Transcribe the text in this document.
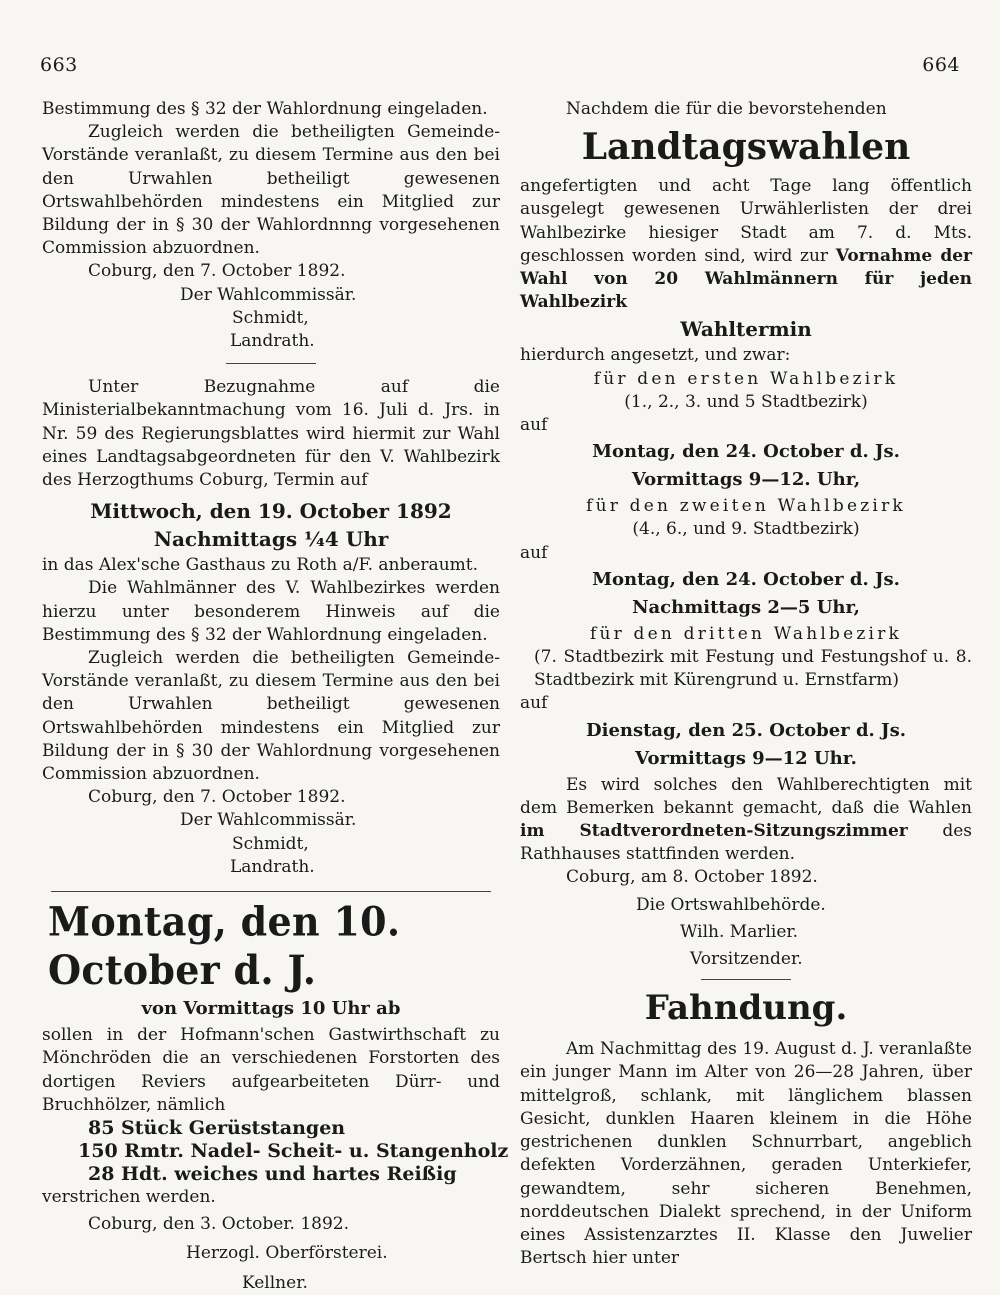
663	664

Bestimmung des § 32 der Wahlordnung eingeladen.

Zugleich werden die betheiligten Gemeinde-Vorstände veranlaßt, zu diesem Termine aus den bei den Urwahlen betheiligt gewesenen Ortswahlbehörden mindestens ein Mitglied zur Bildung der in § 30 der Wahlordnnng vorgesehenen Commission abzuordnen.

Coburg, den 7. October 1892.

Der Wahlcommissär.

Schmidt,

Landrath.

Unter Bezugnahme auf die Ministerialbekanntmachung vom 16. Juli d. Jrs. in Nr. 59 des Regierungsblattes wird hiermit zur Wahl eines Landtagsabgeordneten für den V. Wahlbezirk des Herzogthums Coburg, Termin auf

Mittwoch, den 19. October 1892

Nachmittags ¼4 Uhr

in das Alex'sche Gasthaus zu Roth a/F. anberaumt.

Die Wahlmänner des V. Wahlbezirkes werden hierzu unter besonderem Hinweis auf die Bestimmung des § 32 der Wahlordnung eingeladen.

Zugleich werden die betheiligten Gemeinde-Vorstände veranlaßt, zu diesem Termine aus den bei den Urwahlen betheiligt gewesenen Ortswahlbehörden mindestens ein Mitglied zur Bildung der in § 30 der Wahlordnung vorgesehenen Commission abzuordnen.

Coburg, den 7. October 1892.

Der Wahlcommissär.

Schmidt,

Landrath.

Montag, den 10. October d. J.

von Vormittags 10 Uhr ab

sollen in der Hofmann'schen Gastwirthschaft zu Mönchröden die an verschiedenen Forstorten des dortigen Reviers aufgearbeiteten Dürr- und Bruchhölzer, nämlich

85 Stück Gerüststangen

150 Rmtr. Nadel- Scheit- u. Stangenholz

28 Hdt. weiches und hartes Reißig

verstrichen werden.

Coburg, den 3. October. 1892.

Herzogl. Oberförsterei.

Kellner.

Nachdem die für die bevorstehenden

Landtagswahlen

angefertigten und acht Tage lang öffentlich ausgelegt gewesenen Urwählerlisten der drei Wahlbezirke hiesiger Stadt am 7. d. Mts. geschlossen worden sind, wird zur Vornahme der Wahl von 20 Wahlmännern für jeden Wahlbezirk

Wahltermin

hierdurch angesetzt, und zwar:

für den ersten Wahlbezirk

(1., 2., 3. und 5 Stadtbezirk)

auf

Montag, den 24. October d. Js.

Vormittags 9—12. Uhr,

für den zweiten Wahlbezirk

(4., 6., und 9. Stadtbezirk)

auf

Montag, den 24. October d. Js.

Nachmittags 2—5 Uhr,

für den dritten Wahlbezirk

(7. Stadtbezirk mit Festung und Festungshof u. 8. Stadtbezirk mit Kürengrund u. Ernstfarm)

auf

Dienstag, den 25. October d. Js.

Vormittags 9—12 Uhr.

Es wird solches den Wahlberechtigten mit dem Bemerken bekannt gemacht, daß die Wahlen im Stadtverordneten-Sitzungszimmer des Rathhauses stattfinden werden.

Coburg, am 8. October 1892.

Die Ortswahlbehörde.

Wilh. Marlier.

Vorsitzender.

Fahndung.

Am Nachmittag des 19. August d. J. veranlaßte ein junger Mann im Alter von 26—28 Jahren, über mittelgroß, schlank, mit länglichem blassen Gesicht, dunklen Haaren kleinem in die Höhe gestrichenen dunklen Schnurrbart, angeblich defekten Vorderzähnen, geraden Unterkiefer, gewandtem, sehr sicheren Benehmen, norddeutschen Dialekt sprechend, in der Uniform eines Assistenzarztes II. Klasse den Juwelier Bertsch hier unter
